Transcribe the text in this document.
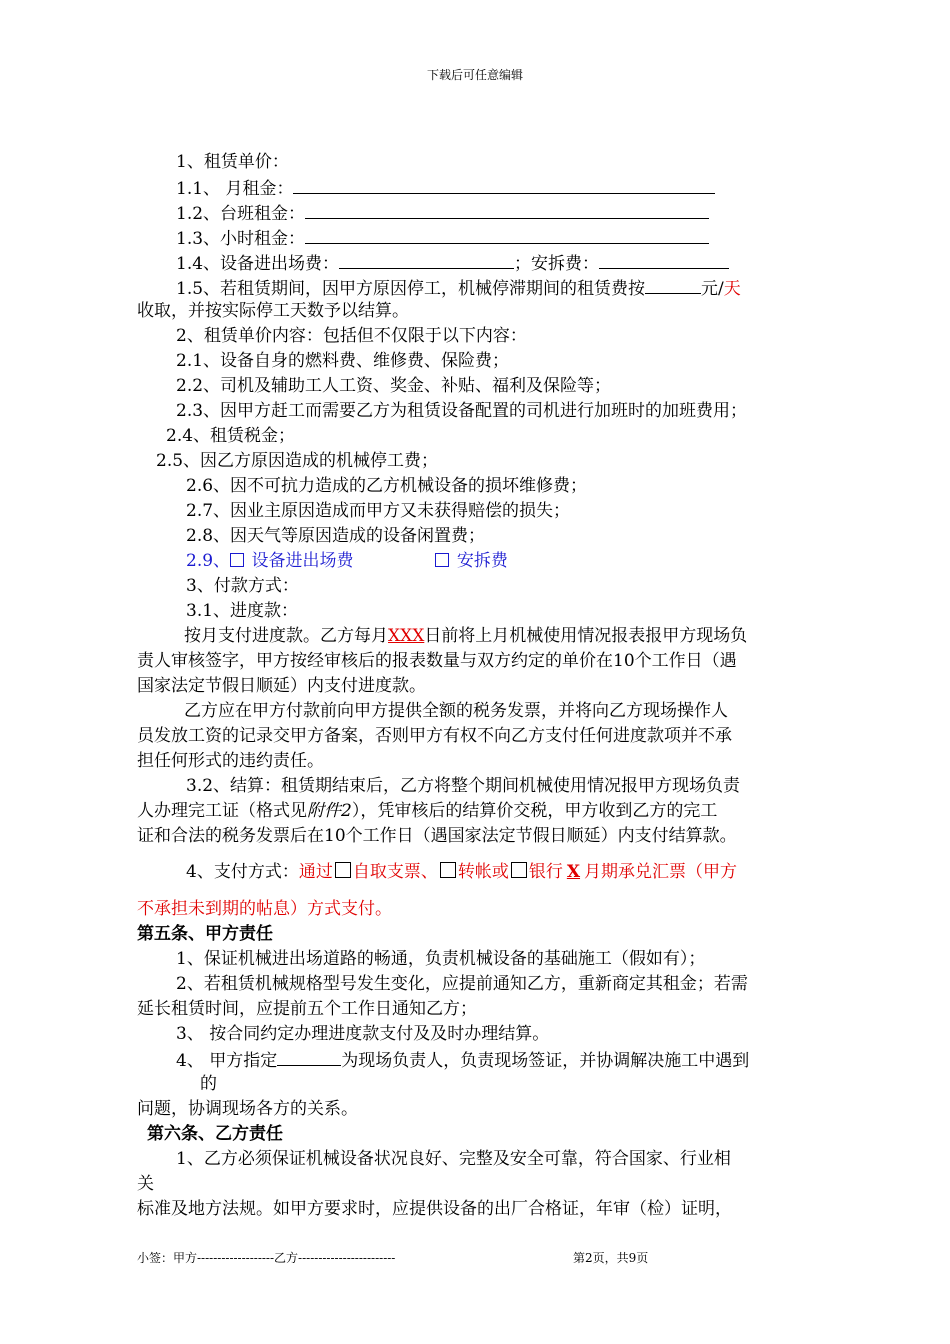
下载后可任意编辑
1、租赁单价：
1.1、 月租金：
1.2、台班租金：
1.3、小时租金：
1.4、设备进出场费：	；安拆费：
1.5、若租赁期间，因甲方原因停工，机械停滞期间的租赁费按	元/天
收取，并按实际停工天数予以结算。
2、租赁单价内容：包括但不仅限于以下内容：
2.1、设备自身的燃料费、维修费、保险费；
2.2、司机及辅助工人工资、奖金、补贴、福利及保险等；
2.3、因甲方赶工而需要乙方为租赁设备配置的司机进行加班时的加班费用；
2.4、租赁税金；
2.5、因乙方原因造成的机械停工费；
2.6、因不可抗力造成的乙方机械设备的损坏维修费；
2.7、因业主原因造成而甲方又未获得赔偿的损失；
2.8、因天气等原因造成的设备闲置费；
2.9、 设备进出场费	安拆费
3、付款方式：
3.1、进度款：
按月支付进度款。乙方每月XXX日前将上月机械使用情况报表报甲方现场负
责人审核签字，甲方按经审核后的报表数量与双方约定的单价在10个工作日（遇
国家法定节假日顺延）内支付进度款。
乙方应在甲方付款前向甲方提供全额的税务发票，并将向乙方现场操作人
员发放工资的记录交甲方备案，否则甲方有权不向乙方支付任何进度款项并不承
担任何形式的违约责任。
3.2、结算：租赁期结束后，乙方将整个期间机械使用情况报甲方现场负责
人办理完工证（格式见附件2），凭审核后的结算价交税，甲方收到乙方的完工
证和合法的税务发票后在10个工作日（遇国家法定节假日顺延）内支付结算款。
4、支付方式：通过 自取支票、 转帐或 银行 X 月期承兑汇票（甲方
不承担未到期的帖息）方式支付。
第五条、甲方责任
1、保证机械进出场道路的畅通，负责机械设备的基础施工（假如有）；
2、若租赁机械规格型号发生变化，应提前通知乙方，重新商定其租金；若需
延长租赁时间，应提前五个工作日通知乙方；
3、 按合同约定办理进度款支付及及时办理结算。
4、 甲方指定	为现场负责人，负责现场签证，并协调解决施工中遇到
的
问题，协调现场各方的关系。
第六条、乙方责任
1、乙方必须保证机械设备状况良好、完整及安全可靠，符合国家、行业相
关
标准及地方法规。如甲方要求时，应提供设备的出厂合格证，年审（检）证明，
小签：甲方-------------------乙方------------------------	第2页，共9页
